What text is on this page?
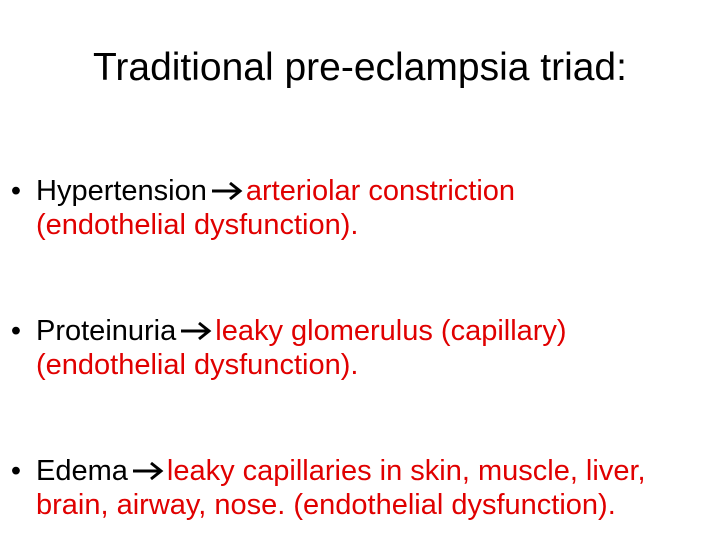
Traditional pre-eclampsia triad:
• Hypertension arteriolar constriction
(endothelial dysfunction).
• Proteinuria leaky glomerulus (capillary)
(endothelial dysfunction).
• Edema leaky capillaries in skin, muscle, liver,
brain, airway, nose. (endothelial dysfunction).
